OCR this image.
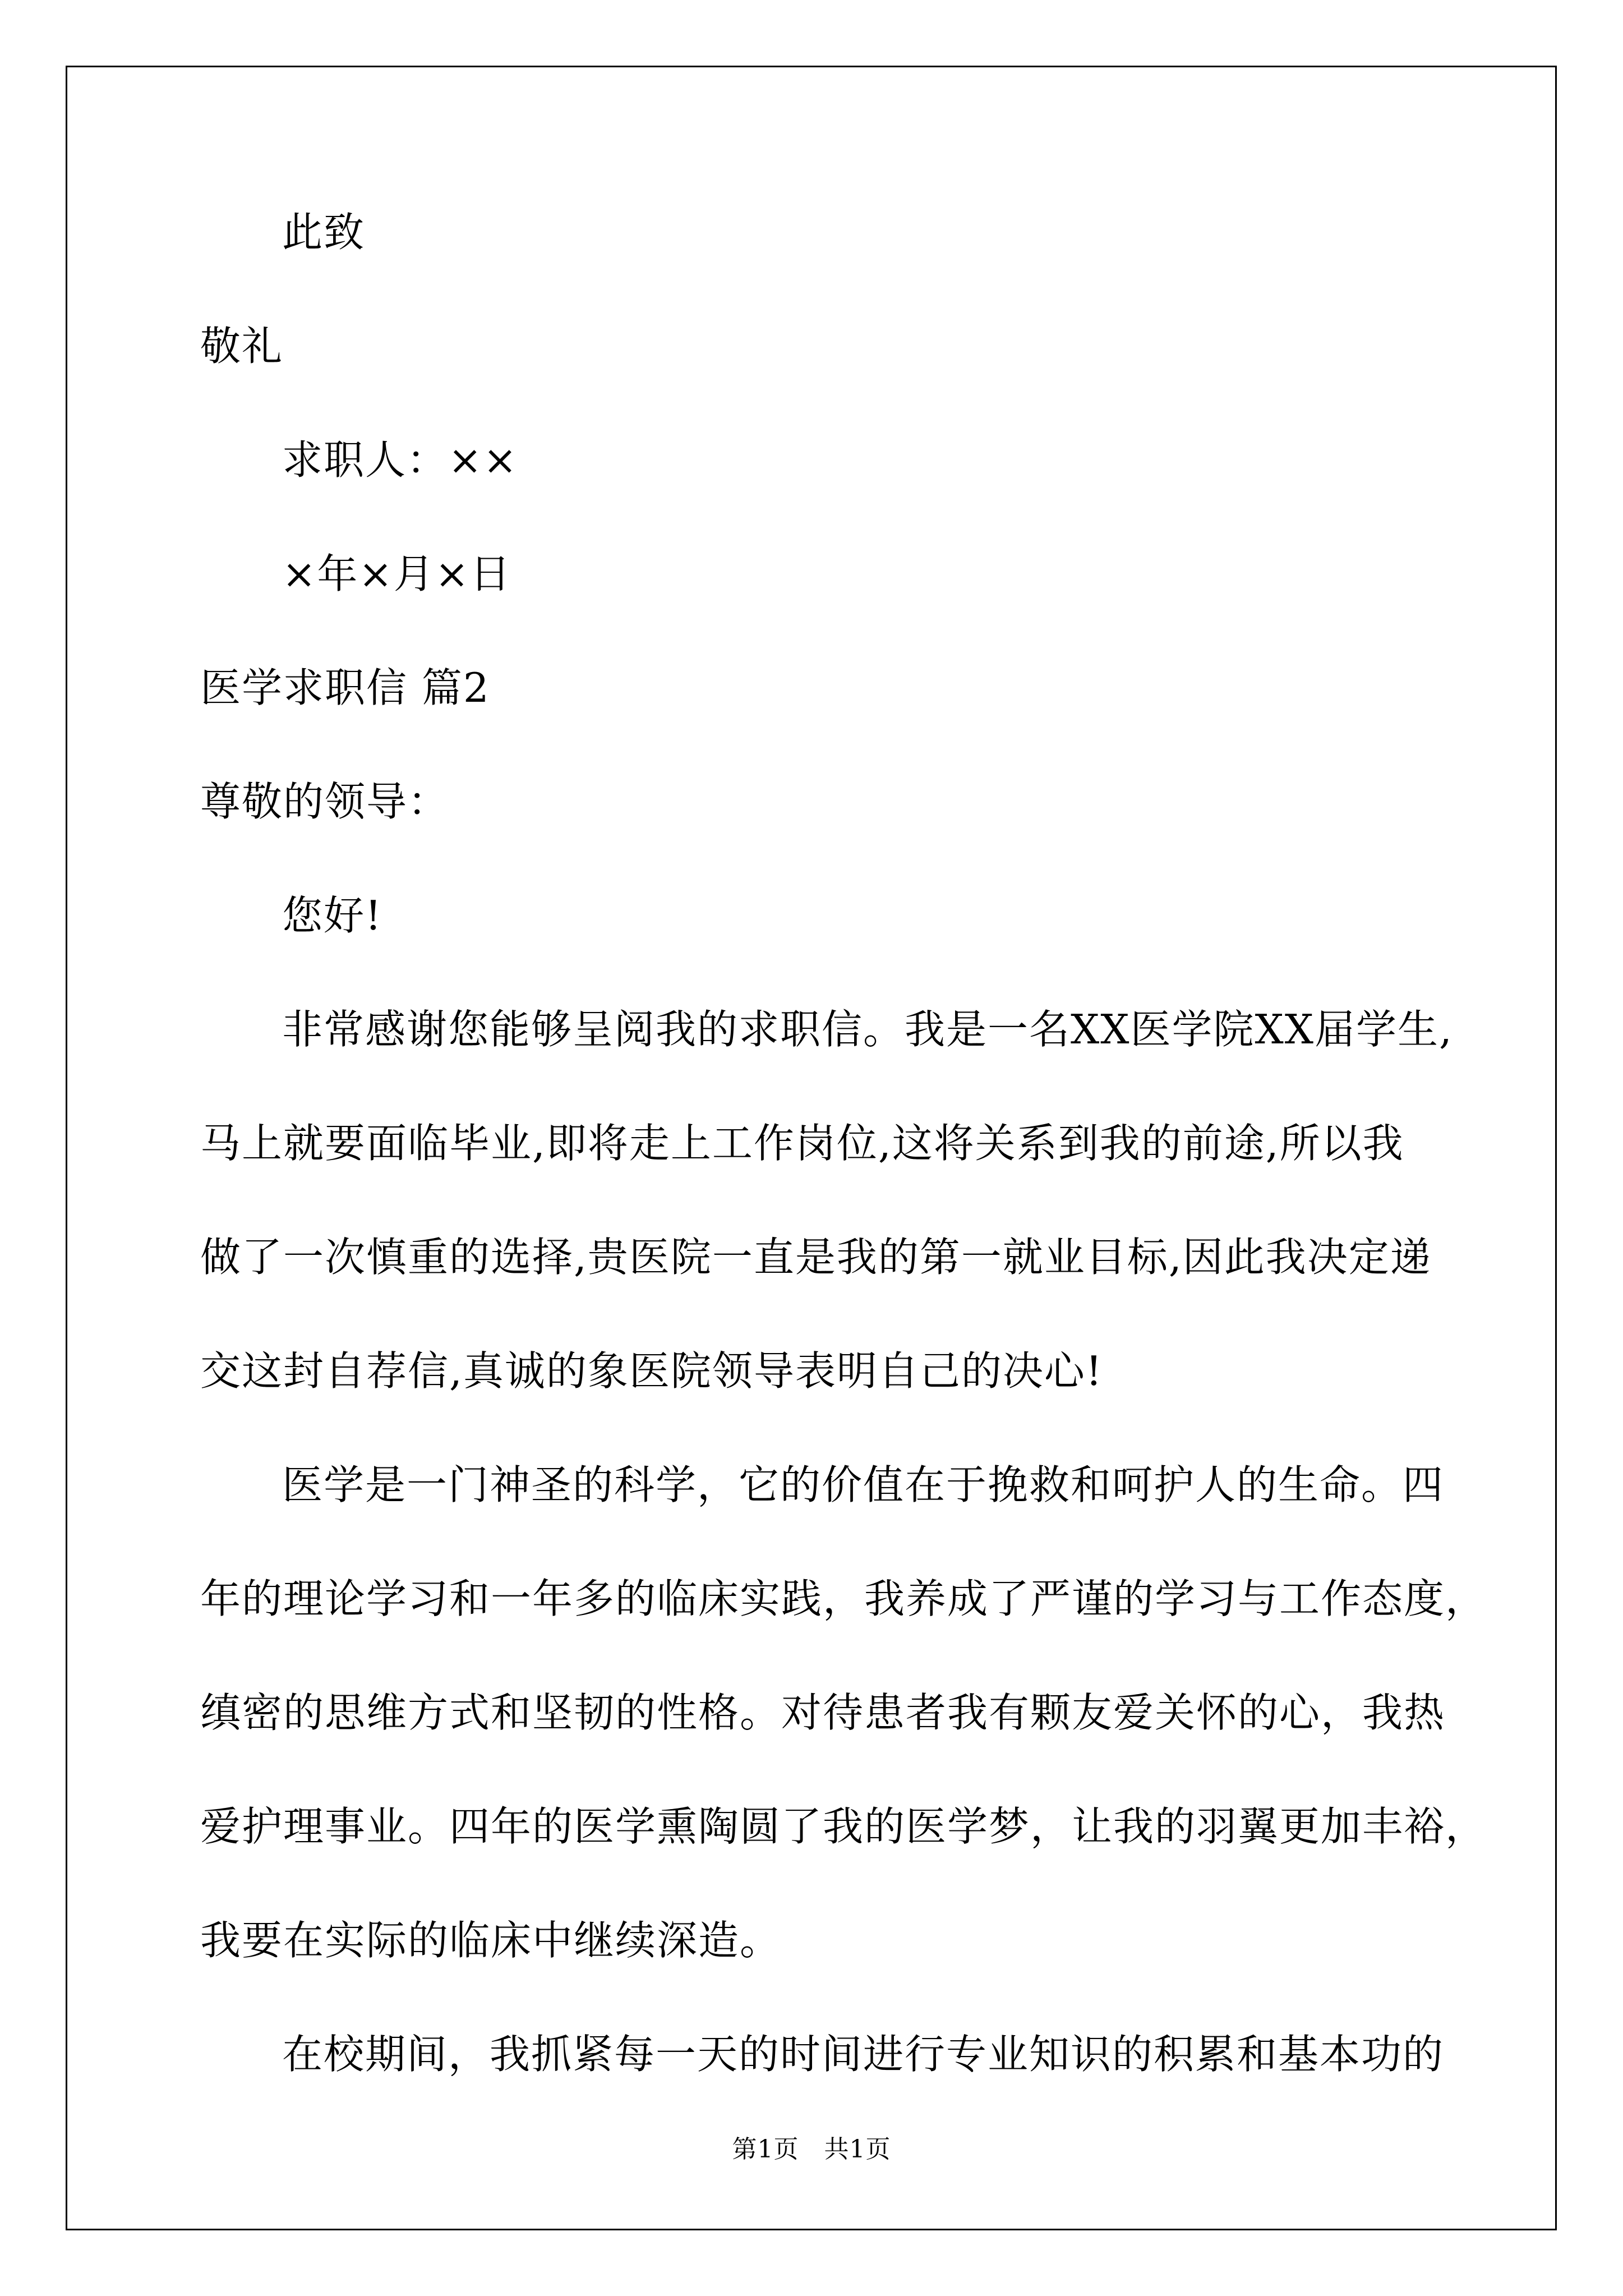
此致
敬礼
求职人：××
×年×月×日
医学求职信 篇2
尊敬的领导：
您好!
非常感谢您能够呈阅我的求职信。我是一名XX医学院XX届学生,
马上就要面临毕业,即将走上工作岗位,这将关系到我的前途,所以我
做了一次慎重的选择,贵医院一直是我的第一就业目标,因此我决定递
交这封自荐信,真诚的象医院领导表明自己的决心!
医学是一门神圣的科学，它的价值在于挽救和呵护人的生命。四
年的理论学习和一年多的临床实践，我养成了严谨的学习与工作态度，
缜密的思维方式和坚韧的性格。对待患者我有颗友爱关怀的心，我热
爱护理事业。四年的医学熏陶圆了我的医学梦，让我的羽翼更加丰裕，
我要在实际的临床中继续深造。
在校期间，我抓紧每一天的时间进行专业知识的积累和基本功的
第1页　共1页
